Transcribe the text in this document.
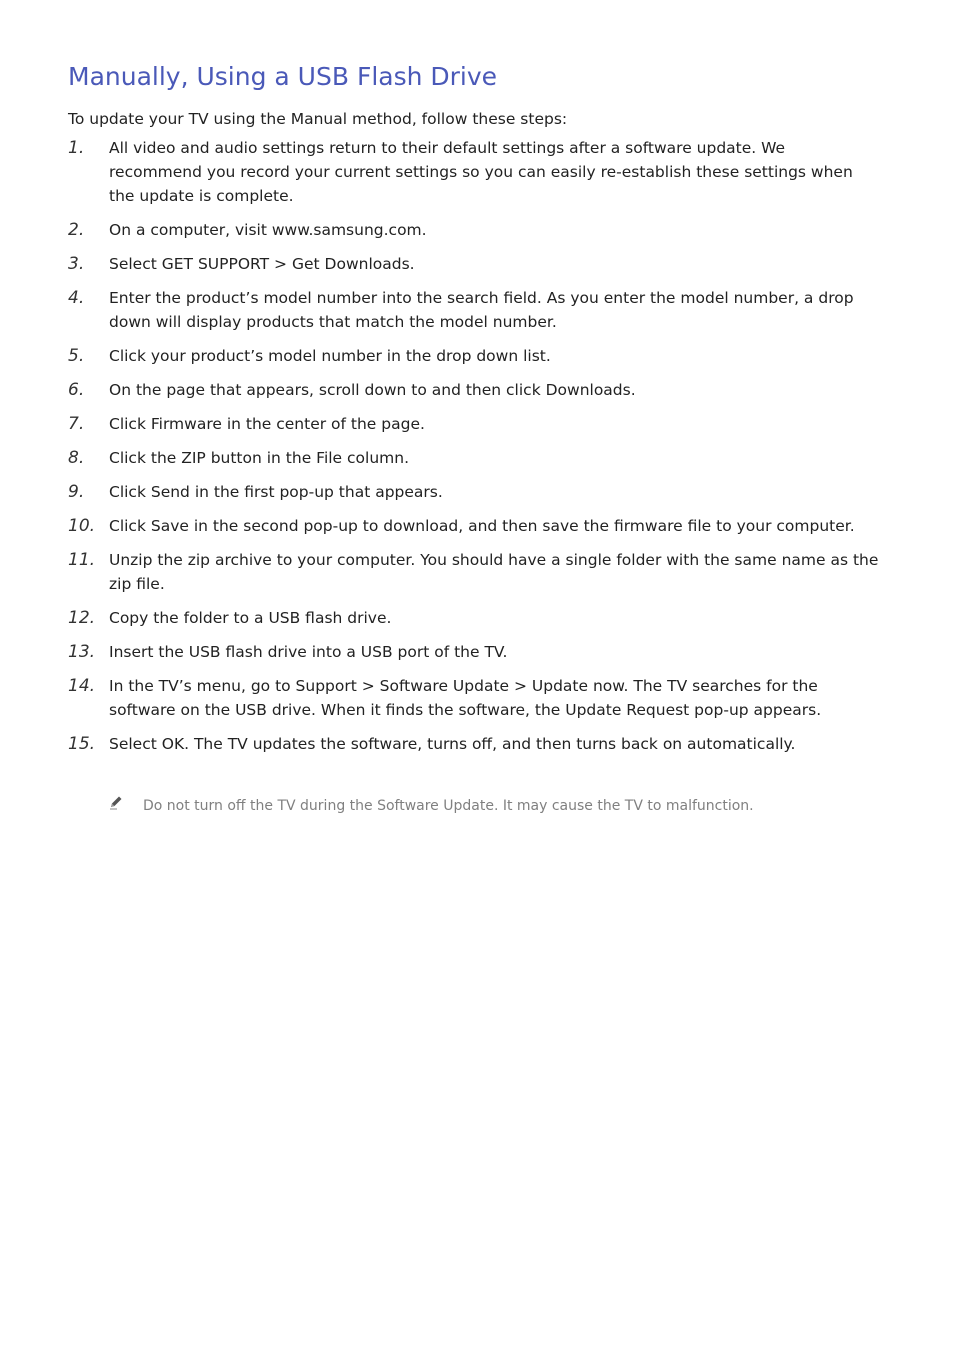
Manually, Using a USB Flash Drive

To update your TV using the Manual method, follow these steps:

1. All video and audio settings return to their default settings after a software update. We recommend you record your current settings so you can easily re-establish these settings when the update is complete.
2. On a computer, visit www.samsung.com.
3. Select GET SUPPORT > Get Downloads.
4. Enter the product’s model number into the search field. As you enter the model number, a drop down will display products that match the model number.
5. Click your product’s model number in the drop down list.
6. On the page that appears, scroll down to and then click Downloads.
7. Click Firmware in the center of the page.
8. Click the ZIP button in the File column.
9. Click Send in the first pop-up that appears.
10. Click Save in the second pop-up to download, and then save the firmware file to your computer.
11. Unzip the zip archive to your computer. You should have a single folder with the same name as the zip file.
12. Copy the folder to a USB flash drive.
13. Insert the USB flash drive into a USB port of the TV.
14. In the TV’s menu, go to Support > Software Update > Update now. The TV searches for the software on the USB drive. When it finds the software, the Update Request pop-up appears.
15. Select OK. The TV updates the software, turns off, and then turns back on automatically.
Do not turn off the TV during the Software Update. It may cause the TV to malfunction.
